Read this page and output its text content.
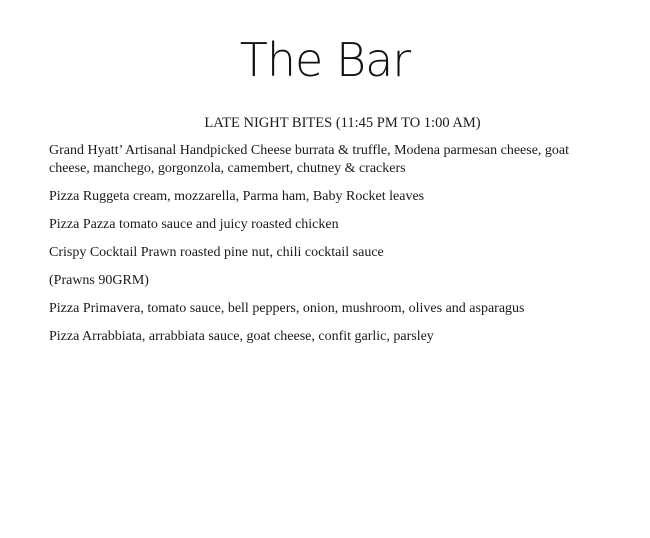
The Bar
LATE NIGHT BITES (11:45 PM TO 1:00 AM)

Grand Hyatt’ Artisanal Handpicked Cheese burrata & truffle, Modena parmesan cheese, goat cheese, manchego, gorgonzola, camembert, chutney & crackers

Pizza Ruggeta cream, mozzarella, Parma ham, Baby Rocket leaves

Pizza Pazza tomato sauce and juicy roasted chicken

Crispy Cocktail Prawn roasted pine nut, chili cocktail sauce

(Prawns 90GRM)

Pizza Primavera, tomato sauce, bell peppers, onion, mushroom, olives and asparagus

Pizza Arrabbiata, arrabbiata sauce, goat cheese, confit garlic, parsley
